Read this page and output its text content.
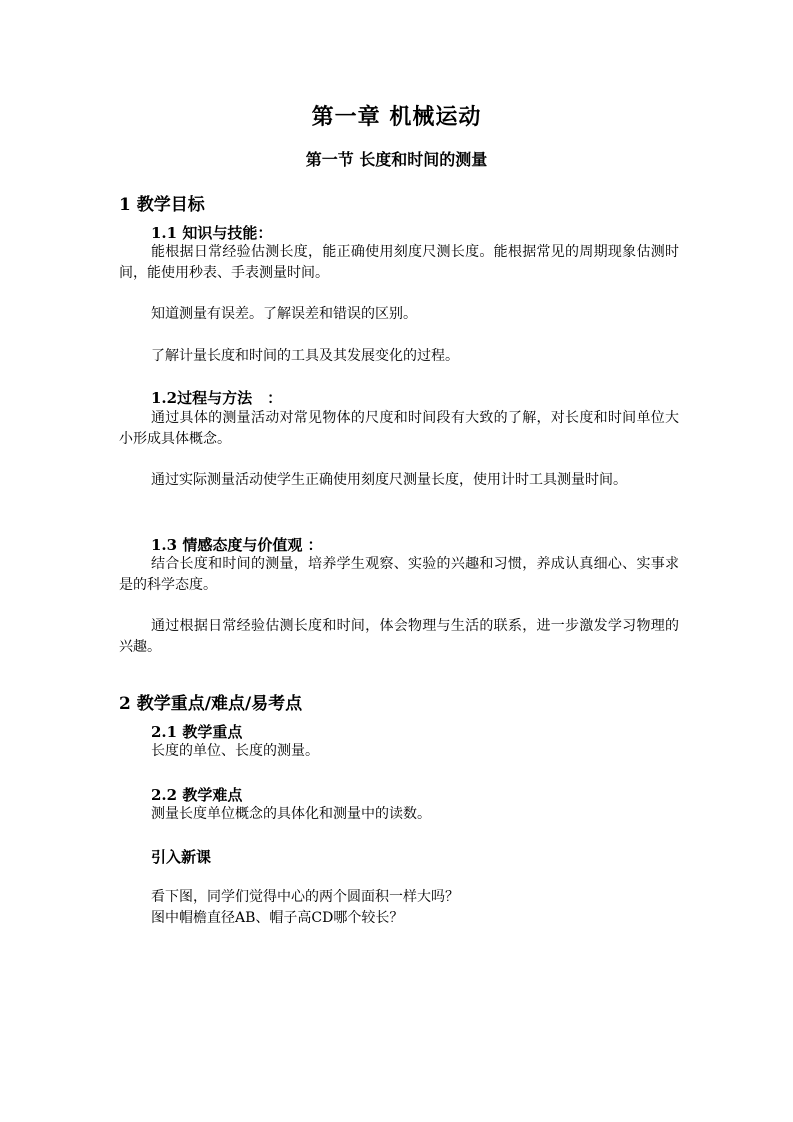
第一章 机械运动
第一节 长度和时间的测量
1 教学目标
1.1 知识与技能：
能根据日常经验估测长度，能正确使用刻度尺测长度。能根据常见的周期现象估测时间，能使用秒表、手表测量时间。
知道测量有误差。了解误差和错误的区别。
了解计量长度和时间的工具及其发展变化的过程。
1.2过程与方法　：
通过具体的测量活动对常见物体的尺度和时间段有大致的了解，对长度和时间单位大小形成具体概念。
通过实际测量活动使学生正确使用刻度尺测量长度，使用计时工具测量时间。
1.3 情感态度与价值观 ：
结合长度和时间的测量，培养学生观察、实验的兴趣和习惯，养成认真细心、实事求是的科学态度。
通过根据日常经验估测长度和时间，体会物理与生活的联系，进一步激发学习物理的兴趣。
2 教学重点/难点/易考点
2.1 教学重点
长度的单位、长度的测量。
2.2 教学难点
测量长度单位概念的具体化和测量中的读数。
引入新课
看下图，同学们觉得中心的两个圆面积一样大吗？
图中帽檐直径AB、帽子高CD哪个较长？
